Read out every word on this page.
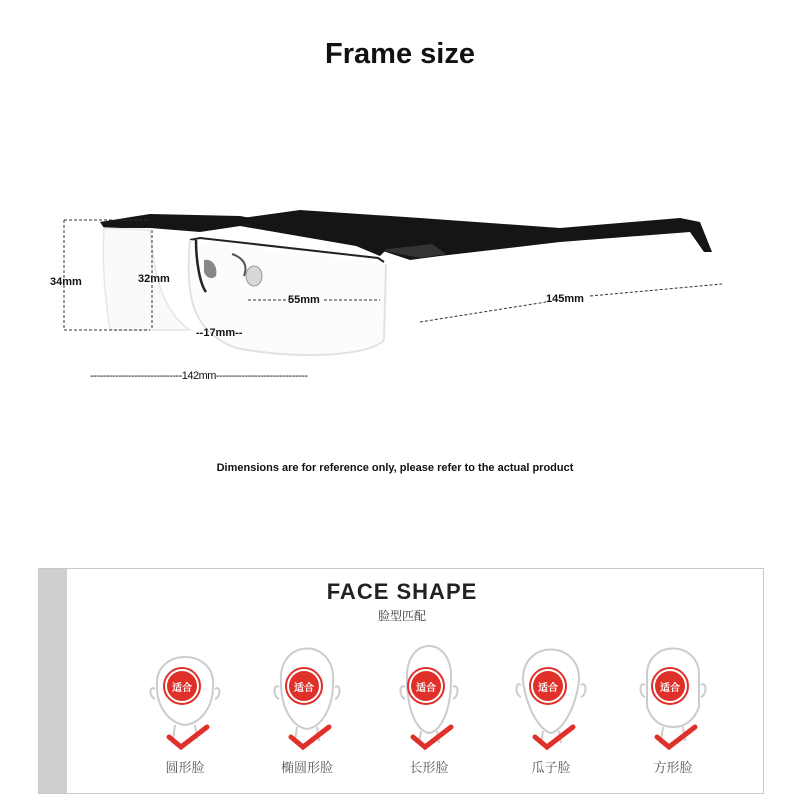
Frame size
34mm	32mm
55mm	145mm
--17mm--
-----------------------------142mm-----------------------------
Dimensions are for reference only, please refer to the actual product
FACE SHAPE
脸型匹配
适合
圆形脸
适合
椭圆形脸
适合
长形脸
适合
瓜子脸
适合
方形脸
